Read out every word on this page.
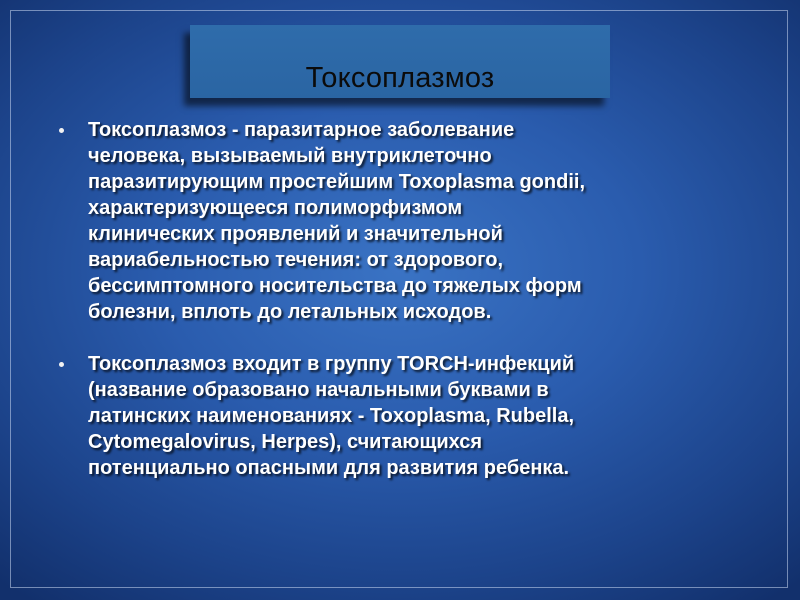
Токсоплазмоз
Токсоплазмоз - паразитарное заболевание
человека, вызываемый внутриклеточно
паразитирующим простейшим Toxoplasma gondii,
характеризующееся полиморфизмом
клинических проявлений и значительной
вариабельностью течения: от здорового,
бессимптомного носительства до тяжелых форм
болезни, вплоть до летальных исходов.
Токсоплазмоз входит в группу TORCH-инфекций
(название образовано начальными буквами в
латинских наименованиях - Toxoplasma, Rubella,
Cytomegalovirus, Herpes), считающихся
потенциально опасными для развития ребенка.
